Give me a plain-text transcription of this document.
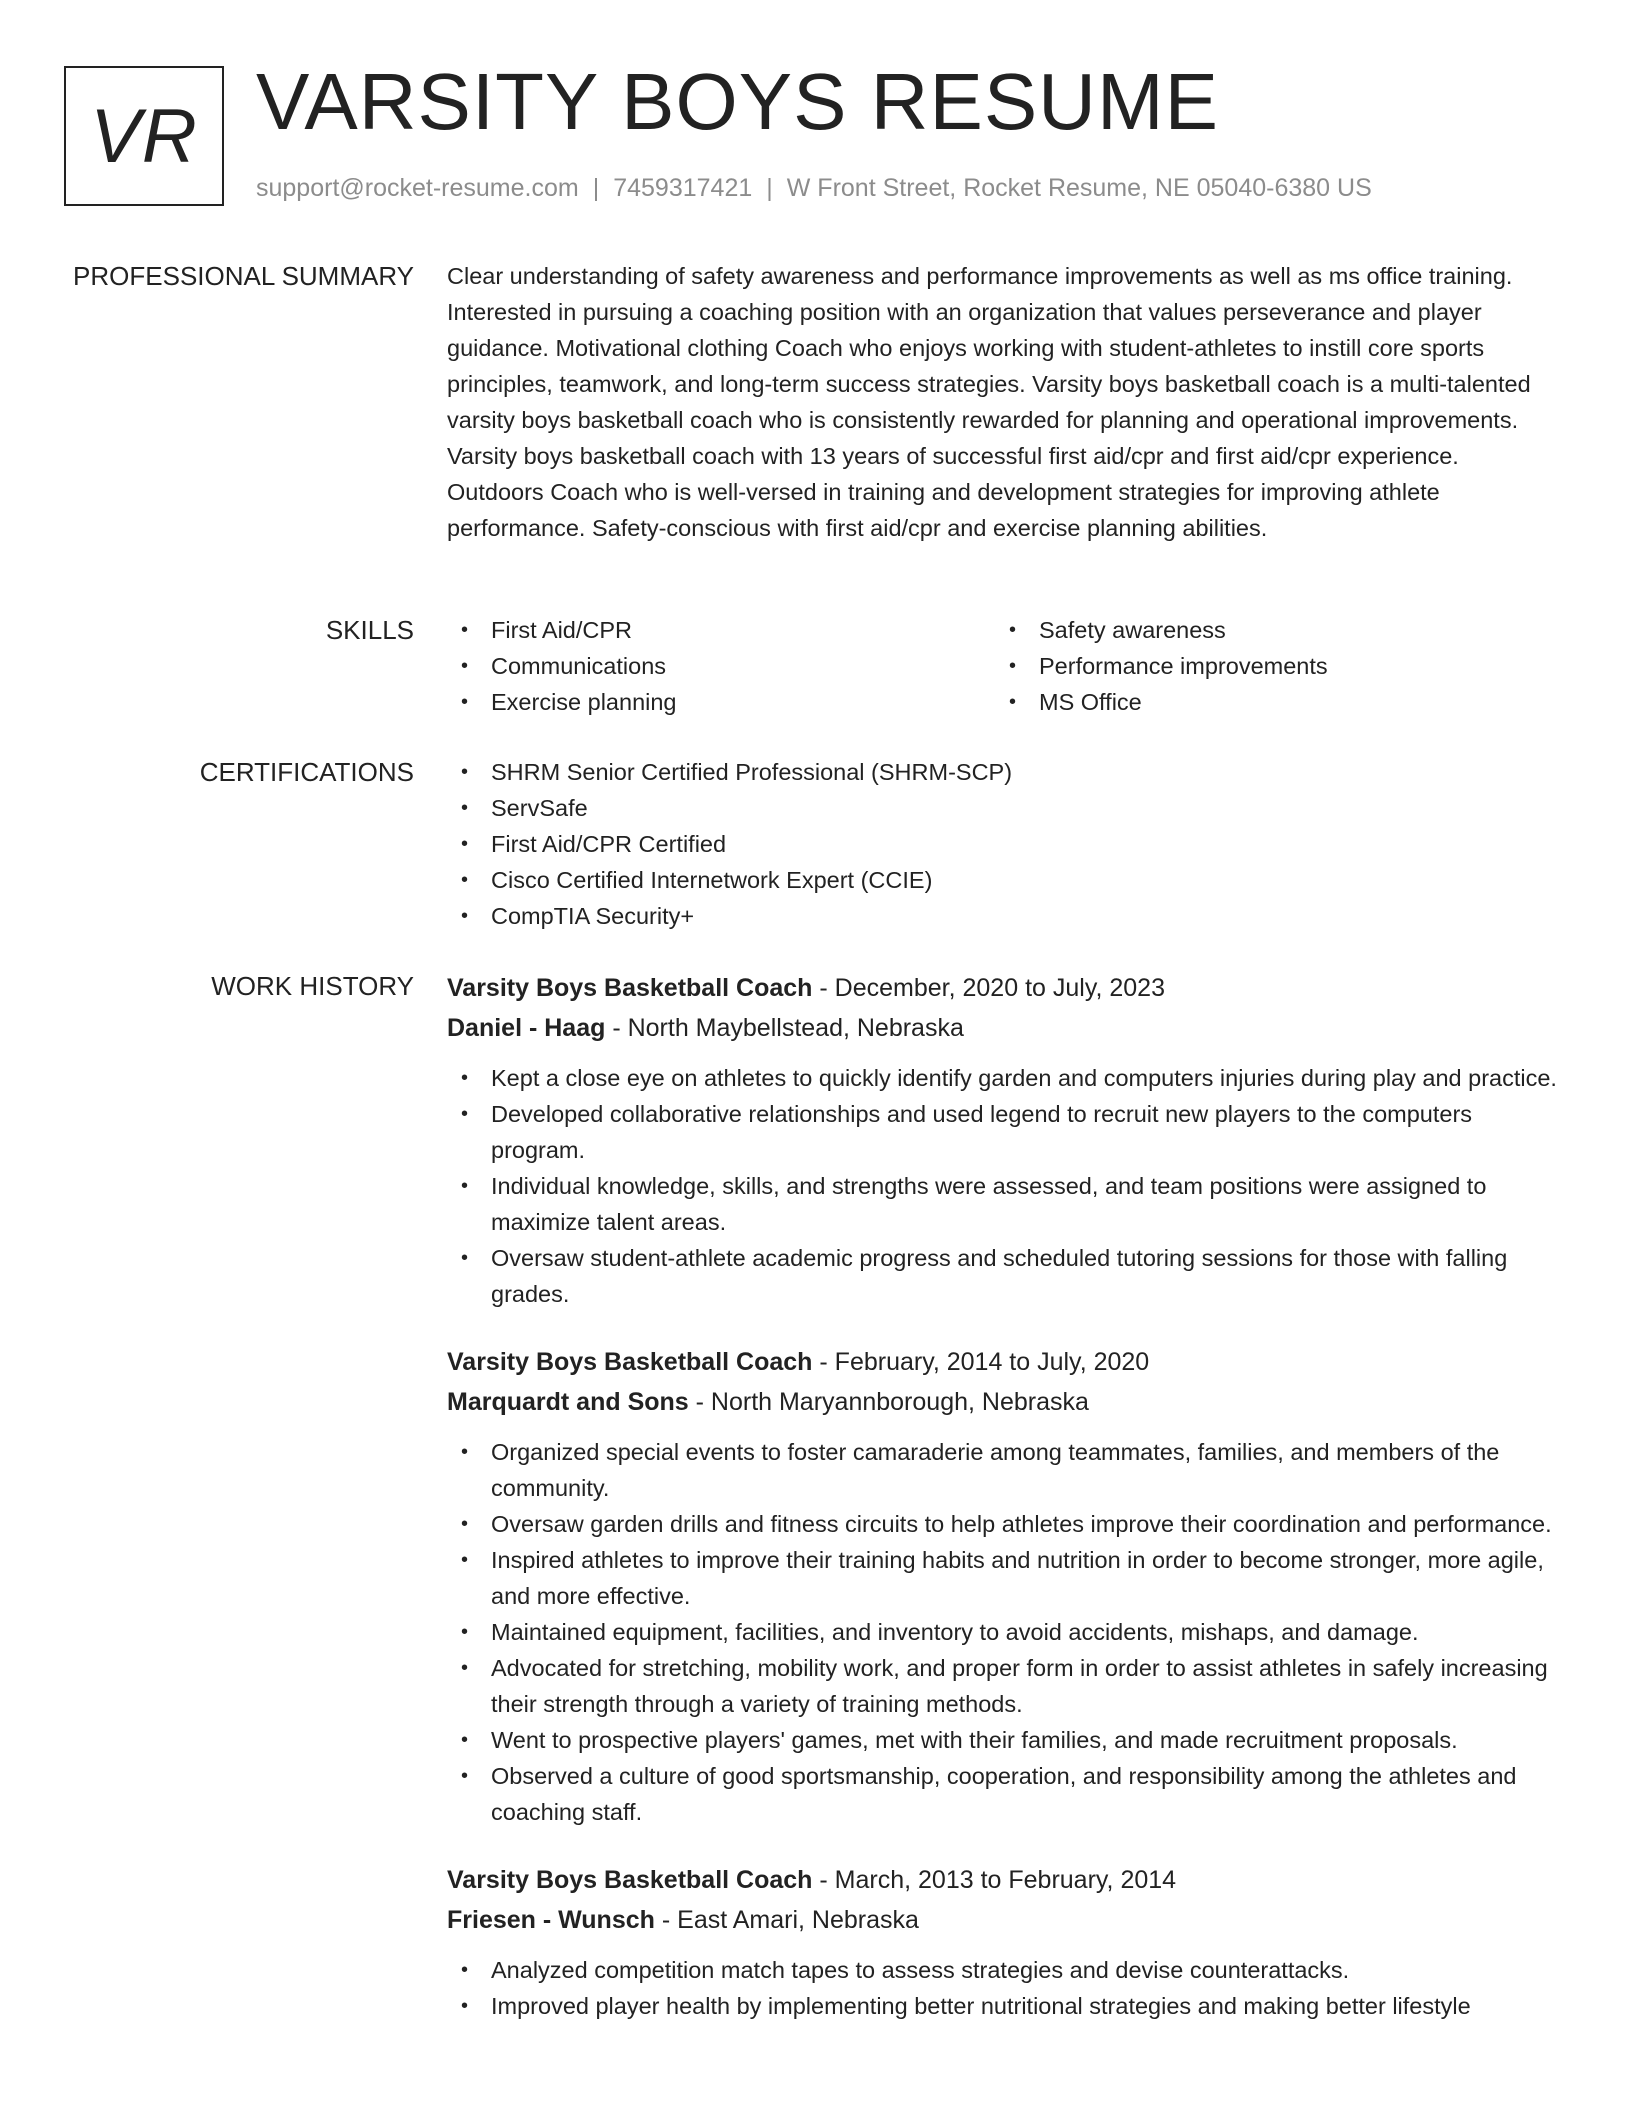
VR VARSITY BOYS RESUME
support@rocket-resume.com | 7459317421 | W Front Street, Rocket Resume, NE 05040-6380 US
PROFESSIONAL SUMMARY Clear understanding of safety awareness and performance improvements as well as ms office training. Interested in pursuing a coaching position with an organization that values perseverance and player guidance. Motivational clothing Coach who enjoys working with student-athletes to instill core sports principles, teamwork, and long-term success strategies. Varsity boys basketball coach is a multi-talented varsity boys basketball coach who is consistently rewarded for planning and operational improvements. Varsity boys basketball coach with 13 years of successful first aid/cpr and first aid/cpr experience. Outdoors Coach who is well-versed in training and development strategies for improving athlete performance. Safety-conscious with first aid/cpr and exercise planning abilities.

SKILLS	• First Aid/CPR
• Communications
• Exercise planning
• Safety awareness
• Performance improvements
• MS Office
CERTIFICATIONS	• SHRM Senior Certified Professional (SHRM-SCP)
• ServSafe
• First Aid/CPR Certified
• Cisco Certified Internetwork Expert (CCIE)
• CompTIA Security+
WORK HISTORY Varsity Boys Basketball Coach - December, 2020 to July, 2023
Daniel - Haag - North Maybellstead, Nebraska
• Kept a close eye on athletes to quickly identify garden and computers injuries during play and practice.
• Developed collaborative relationships and used legend to recruit new players to the computers program.
• Individual knowledge, skills, and strengths were assessed, and team positions were assigned to maximize talent areas.
• Oversaw student-athlete academic progress and scheduled tutoring sessions for those with falling grades.
Varsity Boys Basketball Coach - February, 2014 to July, 2020
Marquardt and Sons - North Maryannborough, Nebraska
• Organized special events to foster camaraderie among teammates, families, and members of the community.
• Oversaw garden drills and fitness circuits to help athletes improve their coordination and performance.
• Inspired athletes to improve their training habits and nutrition in order to become stronger, more agile, and more effective.
• Maintained equipment, facilities, and inventory to avoid accidents, mishaps, and damage.
• Advocated for stretching, mobility work, and proper form in order to assist athletes in safely increasing their strength through a variety of training methods.
• Went to prospective players' games, met with their families, and made recruitment proposals.
• Observed a culture of good sportsmanship, cooperation, and responsibility among the athletes and coaching staff.
Varsity Boys Basketball Coach - March, 2013 to February, 2014
Friesen - Wunsch - East Amari, Nebraska
• Analyzed competition match tapes to assess strategies and devise counterattacks.
• Improved player health by implementing better nutritional strategies and making better lifestyle
